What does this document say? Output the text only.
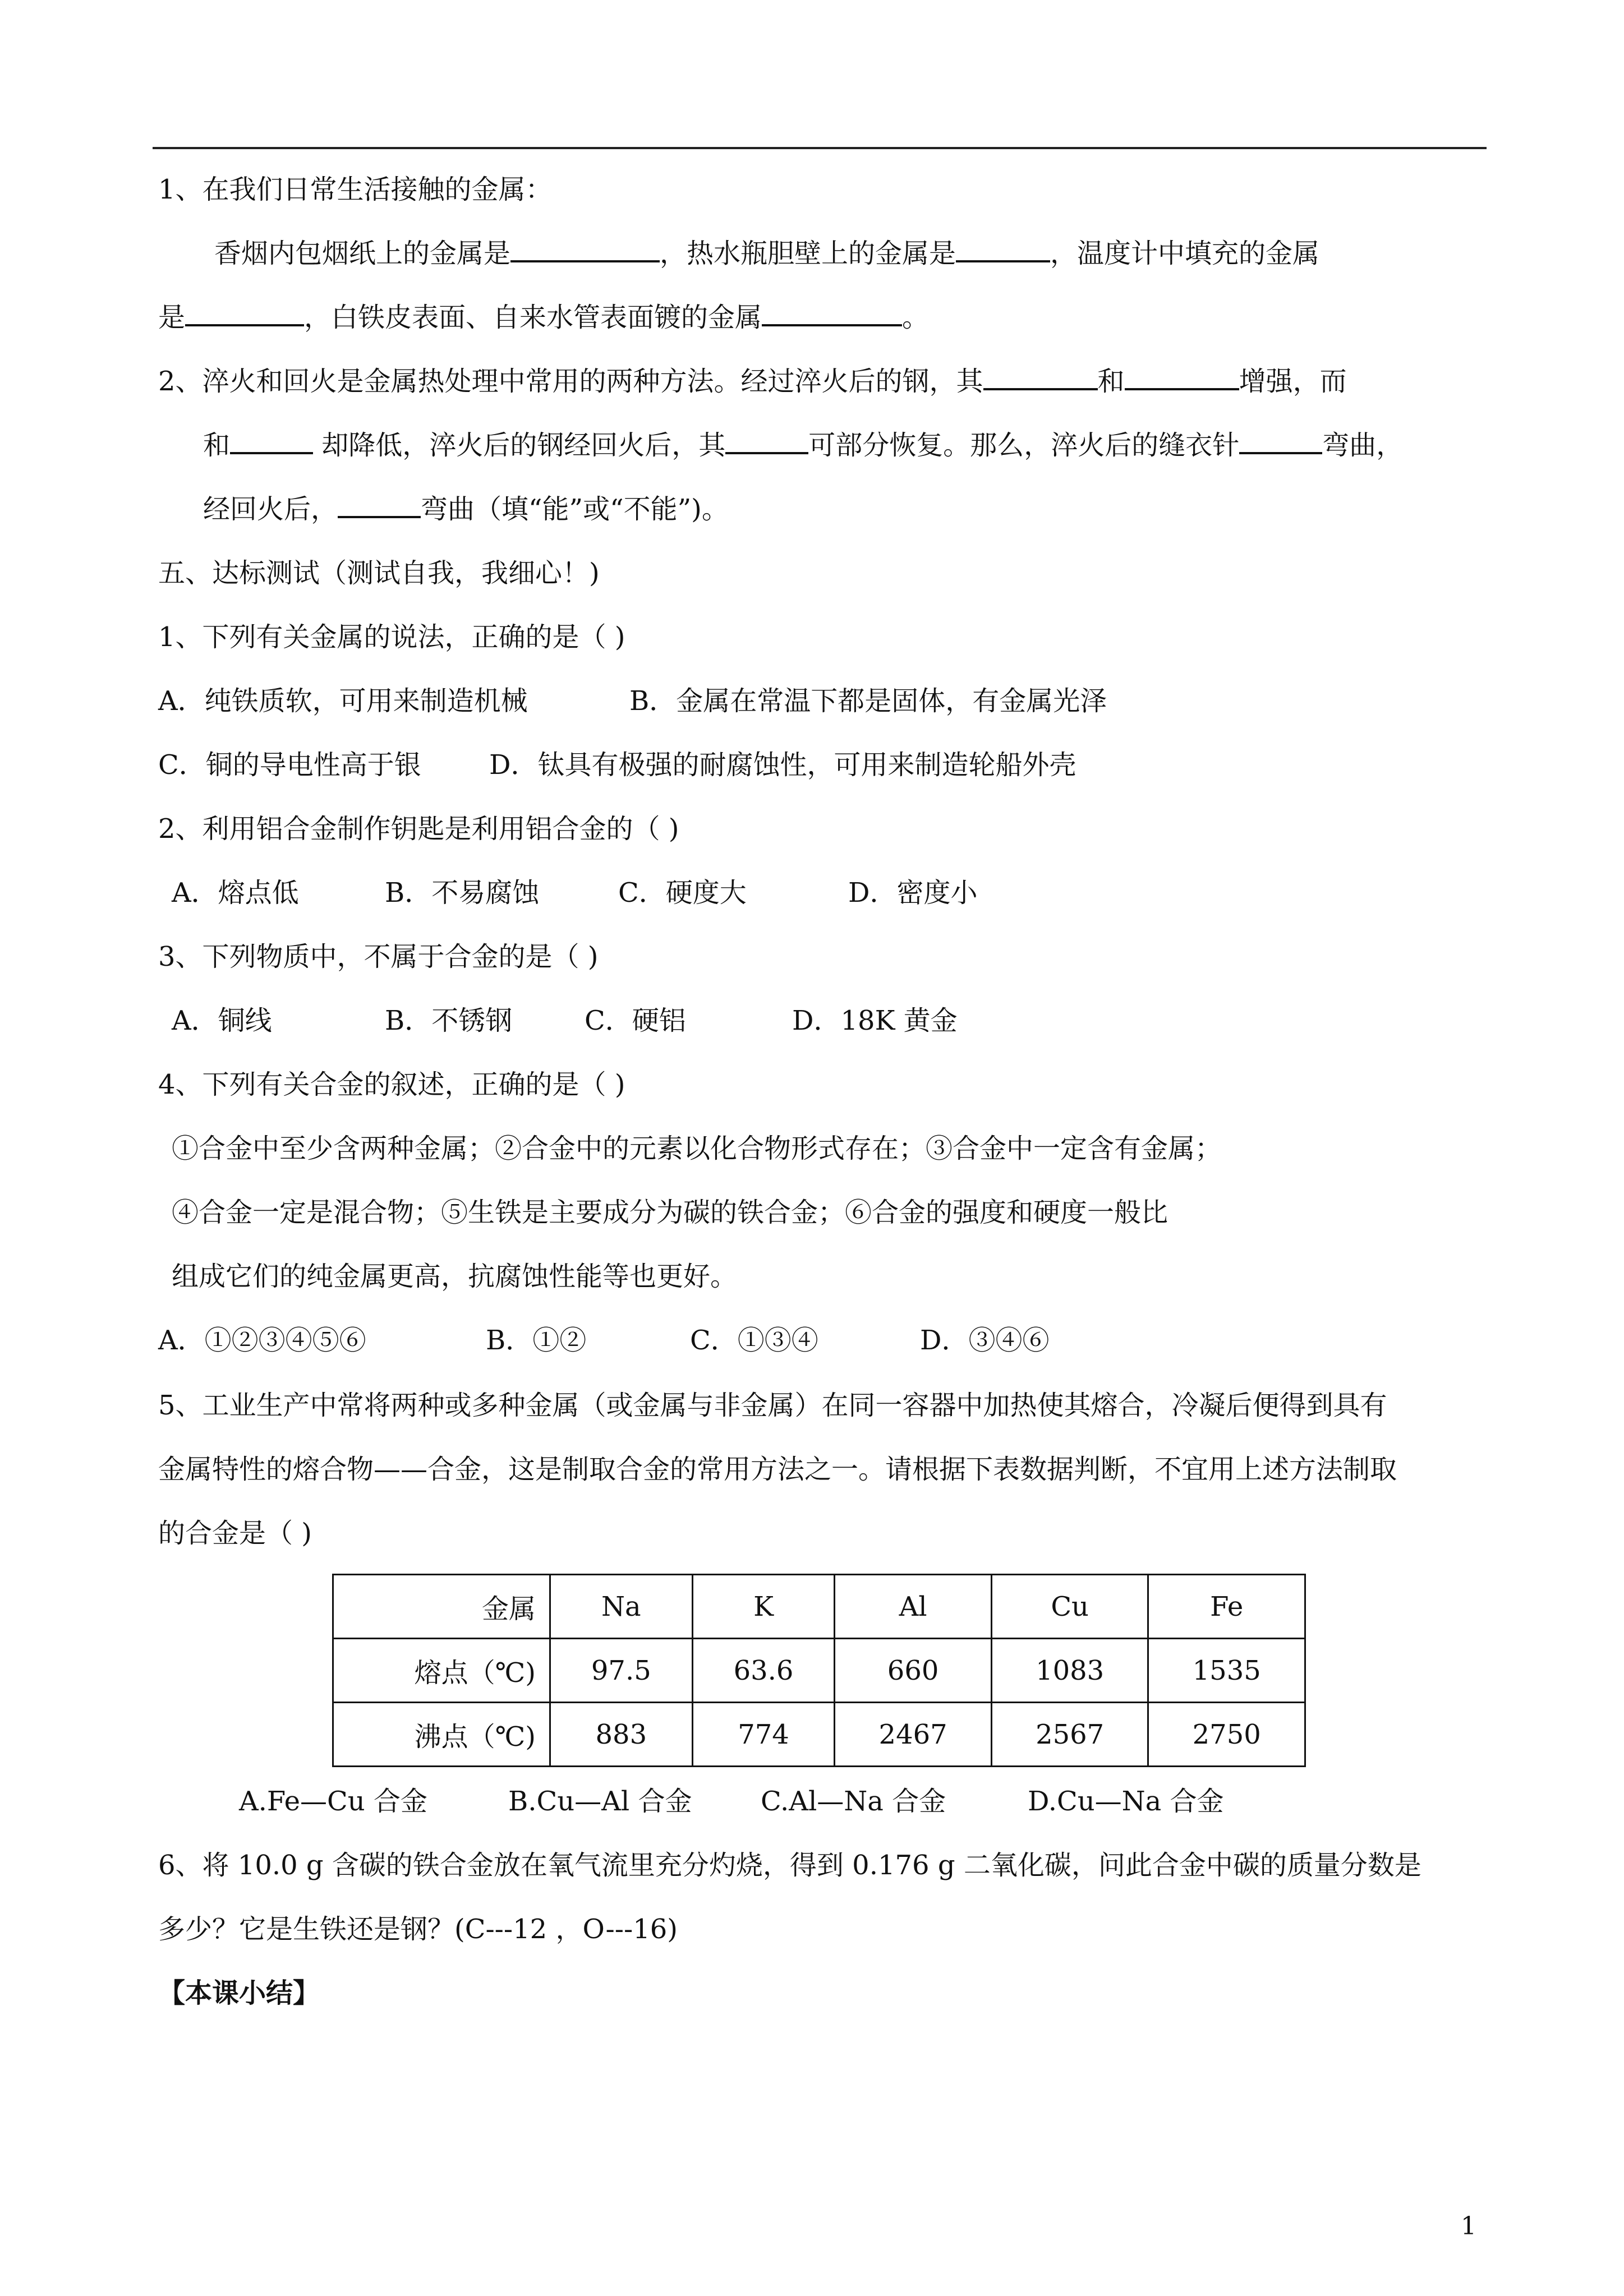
1、在我们日常生活接触的金属：
香烟内包烟纸上的金属是	，热水瓶胆壁上的金属是	，温度计中填充的金属
是	，白铁皮表面、自来水管表面镀的金属	。
2、淬火和回火是金属热处理中常用的两种方法。经过淬火后的钢，其	和	增强，而
和	却降低，淬火后的钢经回火后，其	可部分恢复。那么，淬火后的缝衣针	弯曲，
经回火后，	弯曲（填“能”或“不能”)。
五、达标测试（测试自我，我细心！)
1、下列有关金属的说法，正确的是（ )
A．纯铁质软，可用来制造机械	B．金属在常温下都是固体，有金属光泽
C．铜的导电性高于银	D．钛具有极强的耐腐蚀性，可用来制造轮船外壳
2、利用铝合金制作钥匙是利用铝合金的（ )
A．熔点低	B．不易腐蚀	C．硬度大	D．密度小
3、下列物质中，不属于合金的是（ )
A．铜线	B．不锈钢	C．硬铝	D．18K 黄金
4、下列有关合金的叙述，正确的是（ )
①合金中至少含两种金属；②合金中的元素以化合物形式存在；③合金中一定含有金属；
④合金一定是混合物；⑤生铁是主要成分为碳的铁合金；⑥合金的强度和硬度一般比
组成它们的纯金属更高，抗腐蚀性能等也更好。
A．①②③④⑤⑥	B．①②	C．①③④	D．③④⑥
5、工业生产中常将两种或多种金属（或金属与非金属）在同一容器中加热使其熔合，冷凝后便得到具有
金属特性的熔合物——合金，这是制取合金的常用方法之一。请根据下表数据判断，不宜用上述方法制取
的合金是（ )
金属	Na	K	Al	Cu	Fe
熔点（℃)	97.5	63.6	660	1083	1535
沸点（℃)	883	774	2467	2567	2750
A.Fe—Cu 合金	B.Cu—Al 合金	C.Al—Na 合金	D.Cu—Na 合金
6、将 10.0 g 含碳的铁合金放在氧气流里充分灼烧，得到 0.176 g 二氧化碳，问此合金中碳的质量分数是
多少？它是生铁还是钢？(C---12 ，O---16)
【本课小结】
1
